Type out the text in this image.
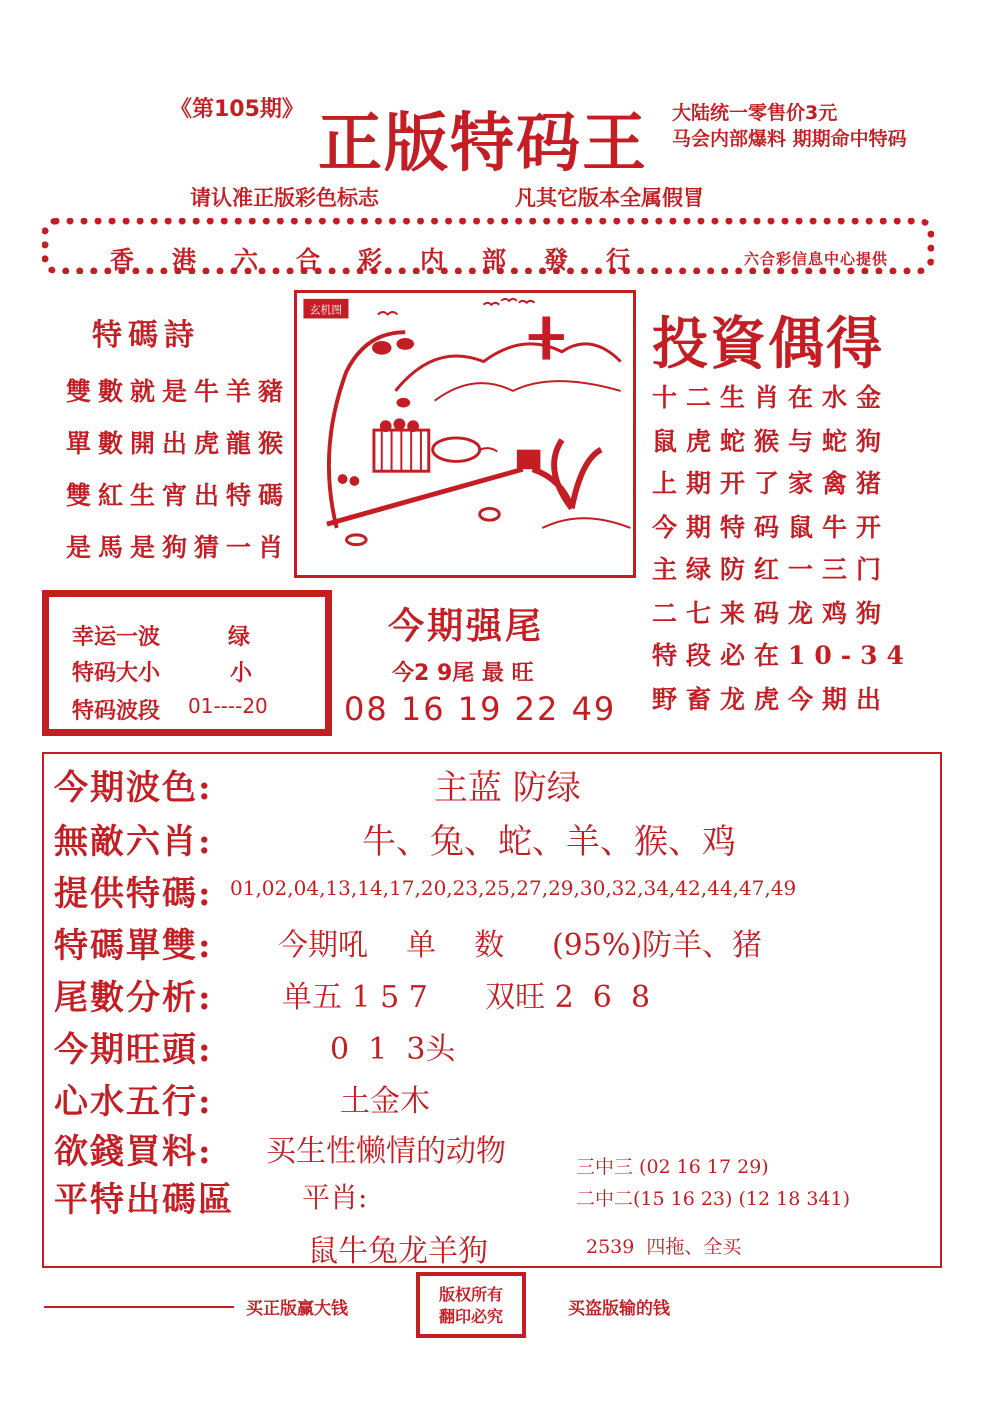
《第105期》 正版特码王 大陆统一零售价3元
马会内部爆料 期期命中特码
请认准正版彩色标志	凡其它版本全属假冒
香港六合彩内部發行	六合彩信息中心提供
特碼詩
雙數就是牛羊豬
單數開出虎龍猴
雙紅生宵出特碼
是馬是狗猜一肖
玄机图
投資偶得
十二生肖在水金
鼠虎蛇猴与蛇狗
上期开了家禽猪
今期特码鼠牛开
主绿防红一三门
二七来码龙鸡狗
特段必在10-34
野畜龙虎今期出
幸运一波	绿
特码大小	小
特码波段 01----20
今期强尾
今2 9尾 最 旺
08 16 19 22 49
今期波色:	主蓝 防绿
無敵六肖:	牛、兔、蛇、羊、猴、鸡
提供特碼: 01,02,04,13,14,17,20,23,25,27,29,30,32,34,42,44,47,49
特碼單雙: 今期吼    单    数     (95%)防羊、猪
尾數分析: 单五 1 5 7      双旺 2  6  8
今期旺頭:	0  1  3头
心水五行:	土金木
欲錢買料: 买生性懒情的动物
平特出碼區 平肖:
鼠牛兔龙羊狗
三中三 (02 16 17 29)
二中二(15 16 23) (12 18 341)
2539  四拖、全买
买正版赢大钱
版权所有
翻印必究	买盗版输的钱
